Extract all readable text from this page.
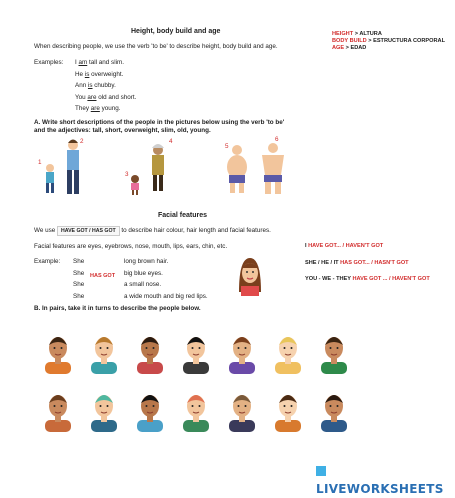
Height, body build and age	HEIGHT > ALTURA
BODY BUILD > ESTRUCTURA CORPORAL
AGE > EDAD
When describing people, we use the verb 'to be' to describe height, body build and age.
Examples: I am tall and slim.
He is overweight.
Ann is chubby.
You are old and short.
They are young.
A. Write short descriptions of the people in the pictures below using the verb 'to be'
and the adjectives: tall, short, overweight, slim, old, young.
1
2
3
4
5
6
Facial features
We use HAVE GOT / HAS GOT to describe hair colour, hair length and facial features.
Facial features are eyes, eyebrows, nose, mouth, lips, ears, chin, etc.
Example: She
She
She
She
HAS GOT
long brown hair.
big blue eyes.
a small nose.
a wide mouth and big red lips.
I HAVE GOT... / HAVEN'T GOT
SHE / HE / IT HAS GOT... / HASN'T GOT
YOU - WE - THEY HAVE GOT ... / HAVEN'T GOT
B. In pairs, take it in turns to describe the people below.
LIVEWORKSHEETS
